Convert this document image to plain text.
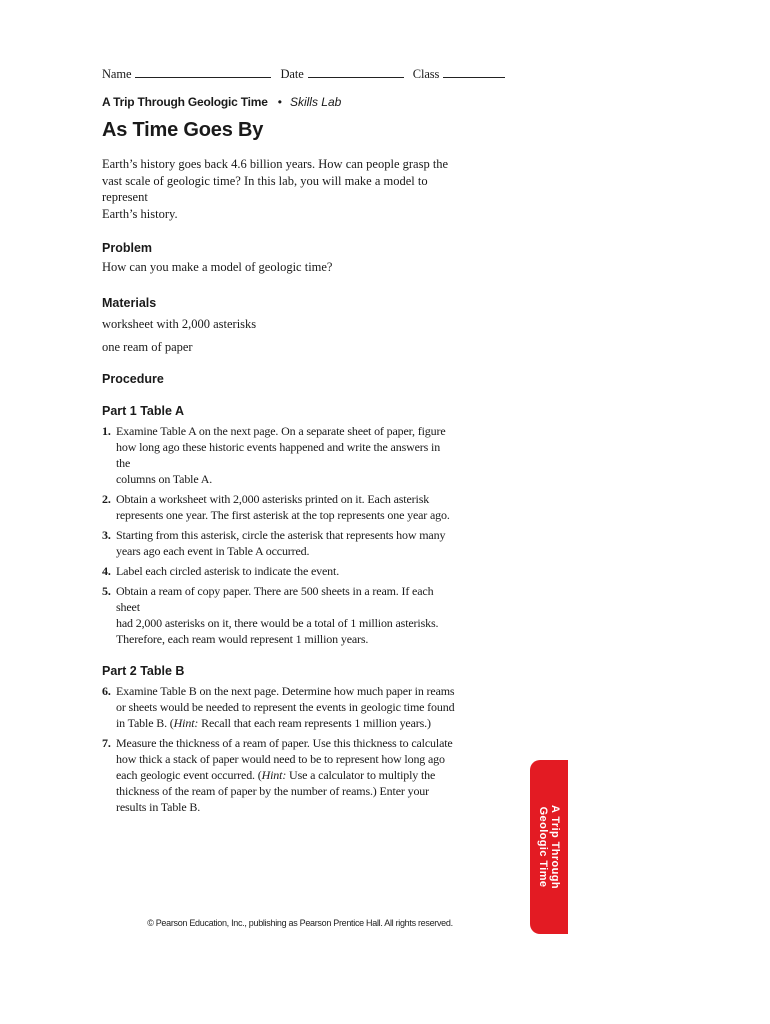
Name	Date	Class
A Trip Through Geologic Time • Skills Lab
As Time Goes By

Earth’s history goes back 4.6 billion years. How can people grasp the
vast scale of geologic time? In this lab, you will make a model to represent
Earth’s history.

Problem

How can you make a model of geologic time?

Materials

worksheet with 2,000 asterisks

one ream of paper

Procedure
Part 1 Table A
1. Examine Table A on the next page. On a separate sheet of paper, figure
how long ago these historic events happened and write the answers in the
columns on Table A.
2. Obtain a worksheet with 2,000 asterisks printed on it. Each asterisk
represents one year. The first asterisk at the top represents one year ago.
3. Starting from this asterisk, circle the asterisk that represents how many
years ago each event in Table A occurred.
4. Label each circled asterisk to indicate the event.
5. Obtain a ream of copy paper. There are 500 sheets in a ream. If each sheet
had 2,000 asterisks on it, there would be a total of 1 million asterisks.
Therefore, each ream would represent 1 million years.
Part 2 Table B
6. Examine Table B on the next page. Determine how much paper in reams
or sheets would be needed to represent the events in geologic time found
in Table B. (Hint: Recall that each ream represents 1 million years.)
7. Measure the thickness of a ream of paper. Use this thickness to calculate
how thick a stack of paper would need to be to represent how long ago
each geologic event occurred. (Hint: Use a calculator to multiply the
thickness of the ream of paper by the number of reams.) Enter your
results in Table B.	A Trip Through
Geologic Time
© Pearson Education, Inc., publishing as Pearson Prentice Hall. All rights reserved.
